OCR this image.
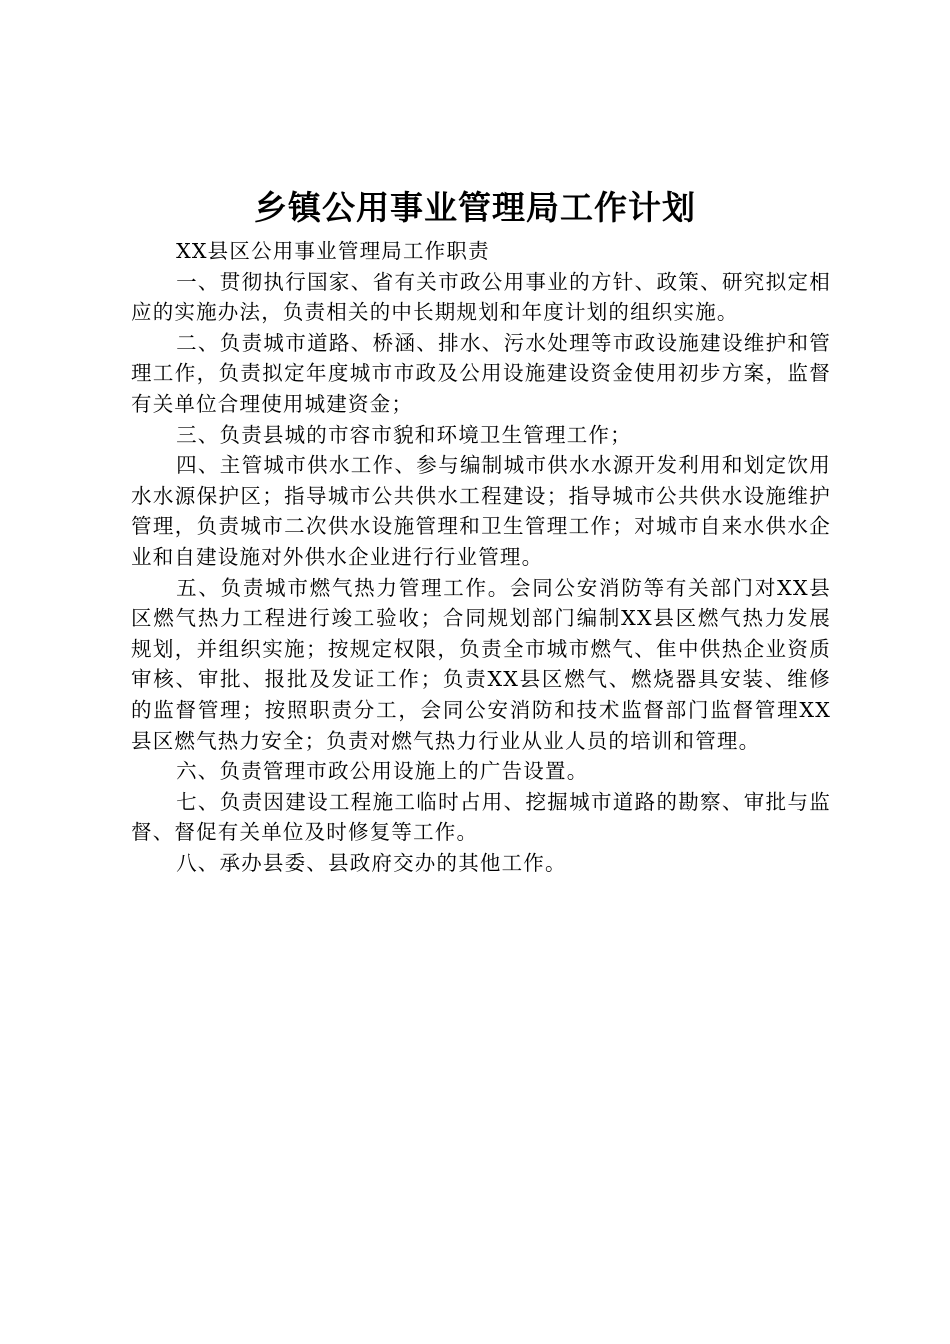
乡镇公用事业管理局工作计划

XX县区公用事业管理局工作职责

一、贯彻执行国家、省有关市政公用事业的方针、政策、研究拟定相应的实施办法，负责相关的中长期规划和年度计划的组织实施。

二、负责城市道路、桥涵、排水、污水处理等市政设施建设维护和管理工作，负责拟定年度城市市政及公用设施建设资金使用初步方案，监督有关单位合理使用城建资金；

三、负责县城的市容市貌和环境卫生管理工作；

四、主管城市供水工作、参与编制城市供水水源开发利用和划定饮用水水源保护区；指导城市公共供水工程建设；指导城市公共供水设施维护管理，负责城市二次供水设施管理和卫生管理工作；对城市自来水供水企业和自建设施对外供水企业进行行业管理。

五、负责城市燃气热力管理工作。会同公安消防等有关部门对XX县区燃气热力工程进行竣工验收；合同规划部门编制XX县区燃气热力发展规划，并组织实施；按规定权限，负责全市城市燃气、隹中供热企业资质审核、审批、报批及发证工作；负责XX县区燃气、燃烧器具安装、维修的监督管理；按照职责分工，会同公安消防和技术监督部门监督管理XX县区燃气热力安全；负责对燃气热力行业从业人员的培训和管理。

六、负责管理市政公用设施上的广告设置。

七、负责因建设工程施工临时占用、挖掘城市道路的勘察、审批与监督、督促有关单位及时修复等工作。

八、承办县委、县政府交办的其他工作。
